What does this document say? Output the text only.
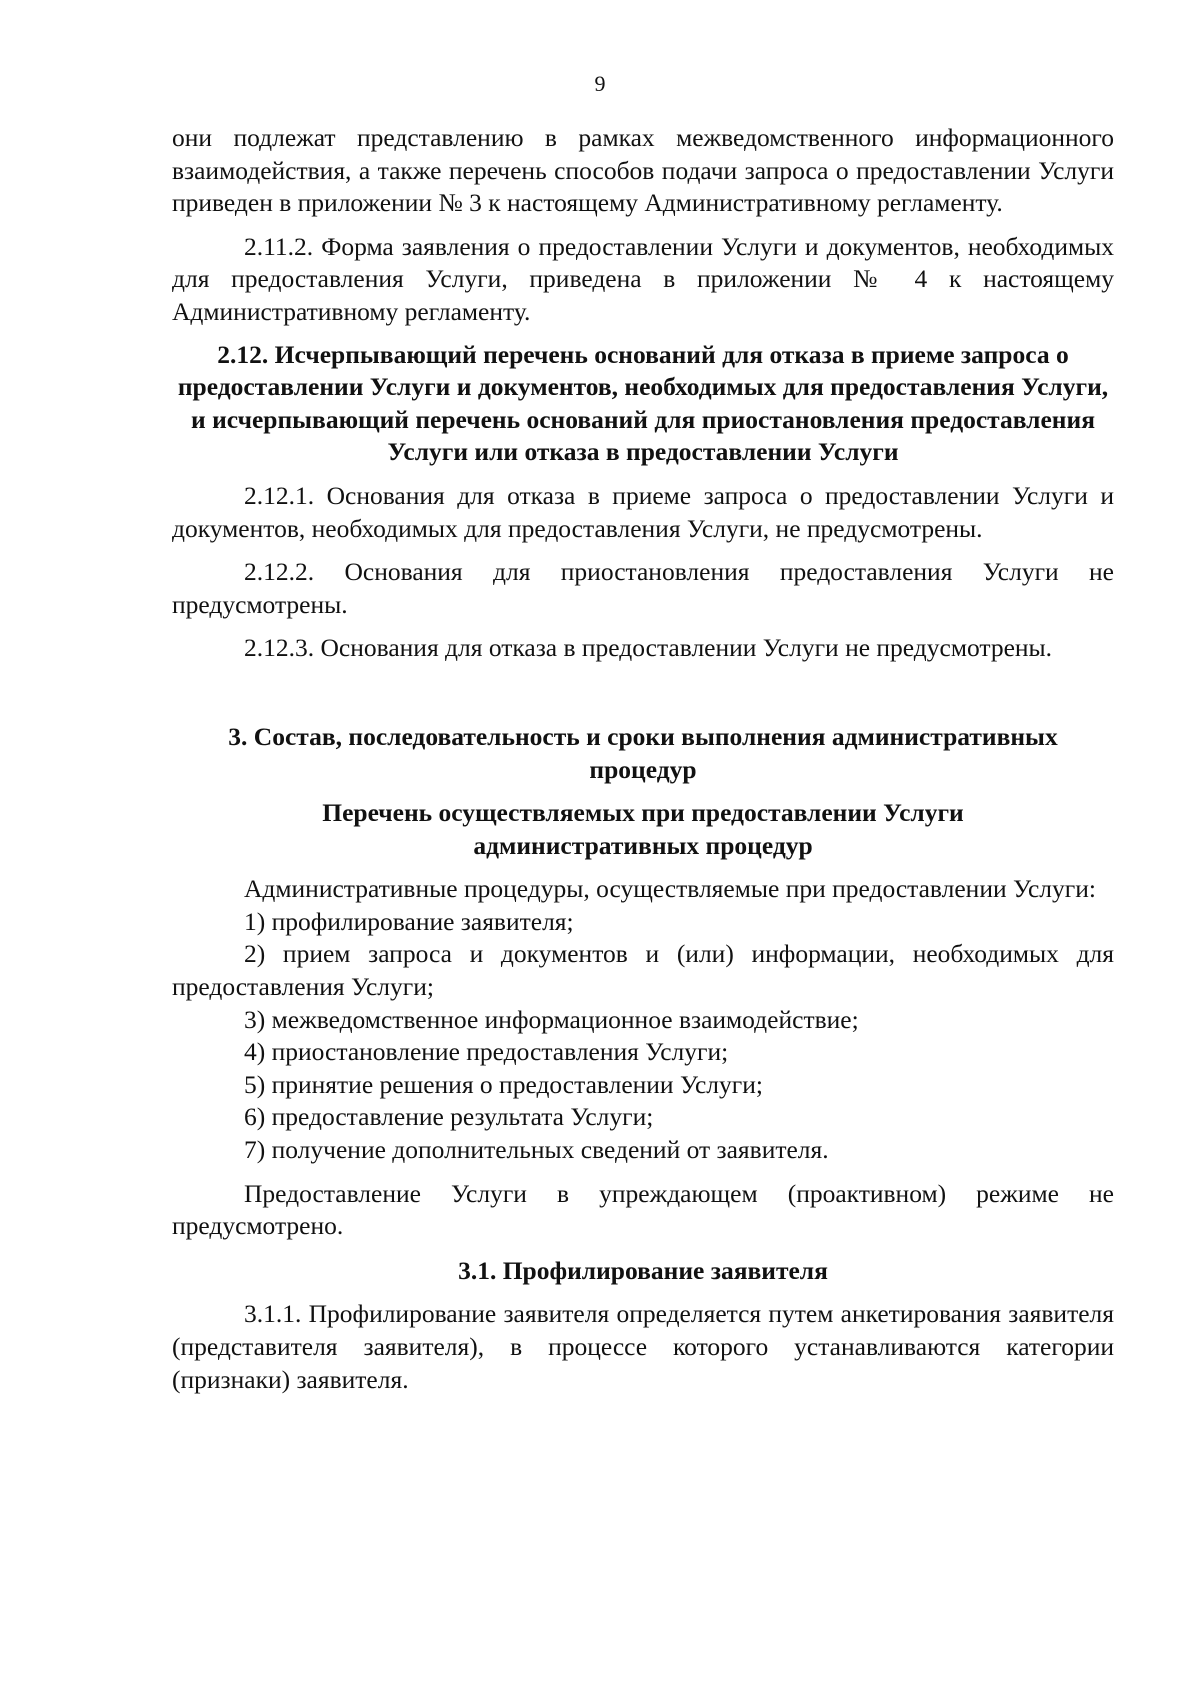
9

они подлежат представлению в рамках межведомственного информационного взаимодействия, а также перечень способов подачи запроса о предоставлении Услуги приведен в приложении № 3 к настоящему Административному регламенту.

2.11.2. Форма заявления о предоставлении Услуги и документов, необходимых для предоставления Услуги, приведена в приложении № 4 к настоящему Административному регламенту.

2.12. Исчерпывающий перечень оснований для отказа в приеме запроса о предоставлении Услуги и документов, необходимых для предоставления Услуги, и исчерпывающий перечень оснований для приостановления предоставления Услуги или отказа в предоставлении Услуги

2.12.1. Основания для отказа в приеме запроса о предоставлении Услуги и документов, необходимых для предоставления Услуги, не предусмотрены.

2.12.2. Основания для приостановления предоставления Услуги не предусмотрены.

2.12.3. Основания для отказа в предоставлении Услуги не предусмотрены.

3. Состав, последовательность и сроки выполнения административных процедур
Перечень осуществляемых при предоставлении Услуги административных процедур

Административные процедуры, осуществляемые при предоставлении Услуги:

1) профилирование заявителя;

2) прием запроса и документов и (или) информации, необходимых для предоставления Услуги;

3) межведомственное информационное взаимодействие;

4) приостановление предоставления Услуги;

5) принятие решения о предоставлении Услуги;

6) предоставление результата Услуги;

7) получение дополнительных сведений от заявителя.

Предоставление Услуги в упреждающем (проактивном) режиме не предусмотрено.

3.1. Профилирование заявителя

3.1.1. Профилирование заявителя определяется путем анкетирования заявителя (представителя заявителя), в процессе которого устанавливаются категории (признаки) заявителя.
